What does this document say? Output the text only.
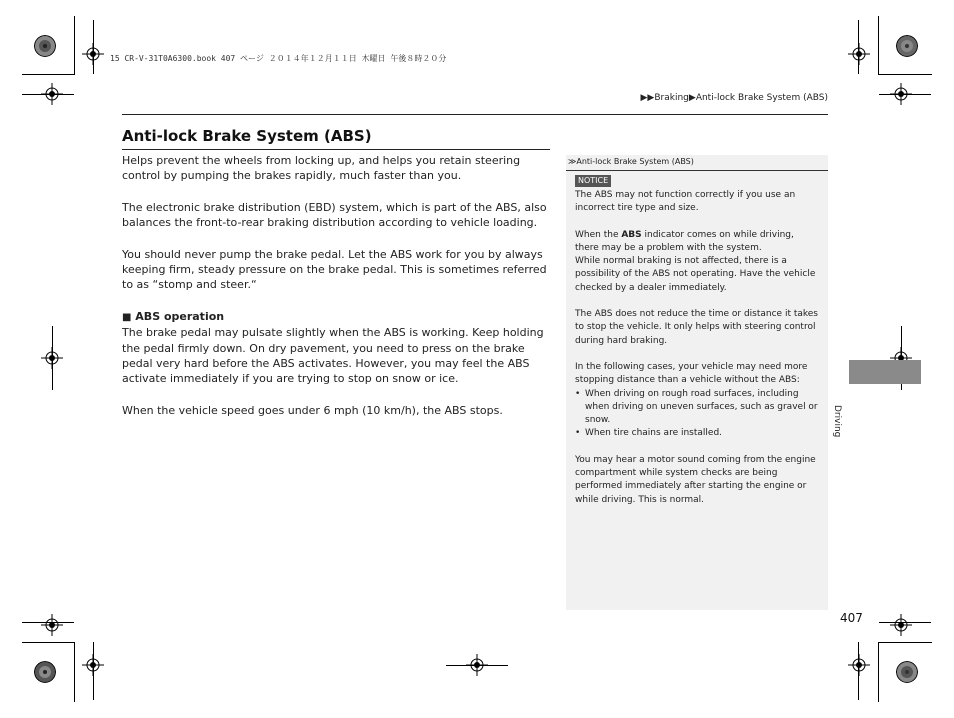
15 CR-V-31T0A6300.book 407 ページ ２０１４年１２月１１日 木曜日 午後８時２０分
▶▶Braking▶Anti-lock Brake System (ABS)
Anti-lock Brake System (ABS)

Helps prevent the wheels from locking up, and helps you retain steering control by pumping the brakes rapidly, much faster than you.

The electronic brake distribution (EBD) system, which is part of the ABS, also balances the front-to-rear braking distribution according to vehicle loading.

You should never pump the brake pedal. Let the ABS work for you by always keeping firm, steady pressure on the brake pedal. This is sometimes referred to as “stomp and steer.“

■ ABS operation

The brake pedal may pulsate slightly when the ABS is working. Keep holding the pedal firmly down. On dry pavement, you need to press on the brake pedal very hard before the ABS activates. However, you may feel the ABS activate immediately if you are trying to stop on snow or ice.

When the vehicle speed goes under 6 mph (10 km/h), the ABS stops.

≫Anti-lock Brake System (ABS)
NOTICE

The ABS may not function correctly if you use an incorrect tire type and size.

When the ABS indicator comes on while driving, there may be a problem with the system.
While normal braking is not affected, there is a possibility of the ABS not operating. Have the vehicle checked by a dealer immediately.

The ABS does not reduce the time or distance it takes to stop the vehicle. It only helps with steering control during hard braking.

In the following cases, your vehicle may need more stopping distance than a vehicle without the ABS:
• When driving on rough road surfaces, including when driving on uneven surfaces, such as gravel or snow.
• When tire chains are installed.

You may hear a motor sound coming from the engine compartment while system checks are being performed immediately after starting the engine or while driving. This is normal.

Driving
407
